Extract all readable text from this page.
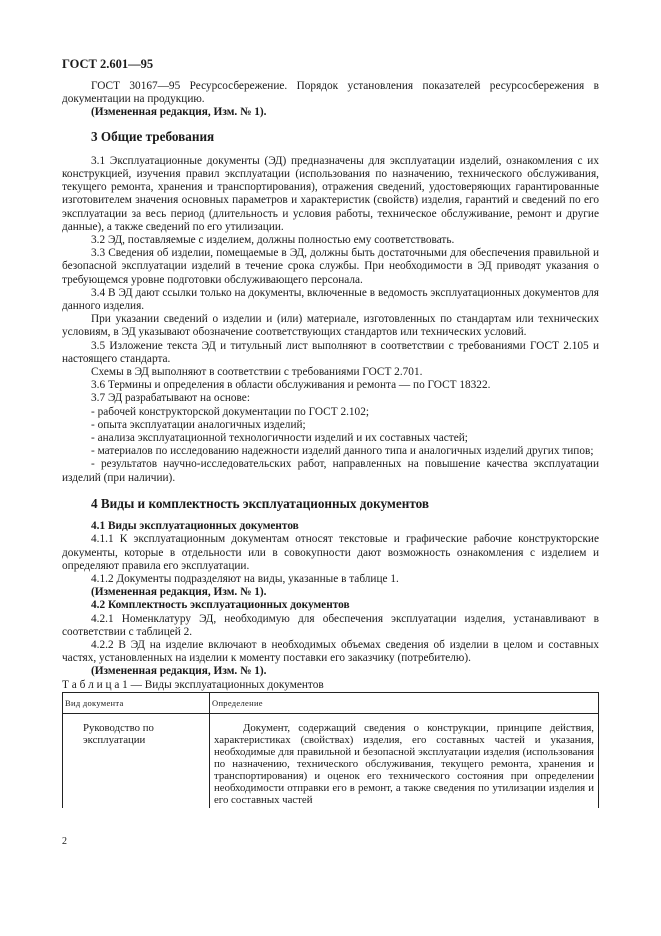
ГОСТ 2.601—95

ГОСТ 30167—95 Ресурсосбережение. Порядок установления показателей ресурсосбережения в документации на продукцию.

(Измененная редакция, Изм. № 1).

3 Общие требования

3.1 Эксплуатационные документы (ЭД) предназначены для эксплуатации изделий, ознакомления с их конструкцией, изучения правил эксплуатации (использования по назначению, технического обслуживания, текущего ремонта, хранения и транспортирования), отражения сведений, удостоверяющих гарантированные изготовителем значения основных параметров и характеристик (свойств) изделия, гарантий и сведений по его эксплуатации за весь период (длительность и условия работы, техническое обслуживание, ремонт и другие данные), а также сведений по его утилизации.

3.2 ЭД, поставляемые с изделием, должны полностью ему соответствовать.

3.3 Сведения об изделии, помещаемые в ЭД, должны быть достаточными для обеспечения правильной и безопасной эксплуатации изделий в течение срока службы. При необходимости в ЭД приводят указания о требующемся уровне подготовки обслуживающего персонала.

3.4 В ЭД дают ссылки только на документы, включенные в ведомость эксплуатационных документов для данного изделия.

При указании сведений о изделии и (или) материале, изготовленных по стандартам или технических условиям, в ЭД указывают обозначение соответствующих стандартов или технических условий.

3.5 Изложение текста ЭД и титульный лист выполняют в соответствии с требованиями ГОСТ 2.105 и настоящего стандарта.

Схемы в ЭД выполняют в соответствии с требованиями ГОСТ 2.701.

3.6 Термины и определения в области обслуживания и ремонта — по ГОСТ 18322.

3.7 ЭД разрабатывают на основе:

- рабочей конструкторской документации по ГОСТ 2.102;

- опыта эксплуатации аналогичных изделий;

- анализа эксплуатационной технологичности изделий и их составных частей;

- материалов по исследованию надежности изделий данного типа и аналогичных изделий других типов;

- результатов научно-исследовательских работ, направленных на повышение качества эксплуатации изделий (при наличии).

4 Виды и комплектность эксплуатационных документов

4.1 Виды эксплуатационных документов

4.1.1 К эксплуатационным документам относят текстовые и графические рабочие конструкторские документы, которые в отдельности или в совокупности дают возможность ознакомления с изделием и определяют правила его эксплуатации.

4.1.2 Документы подразделяют на виды, указанные в таблице 1.

(Измененная редакция, Изм. № 1).

4.2 Комплектность эксплуатационных документов

4.2.1 Номенклатуру ЭД, необходимую для обеспечения эксплуатации изделия, устанавливают в соответствии с таблицей 2.

4.2.2 В ЭД на изделие включают в необходимых объемах сведения об изделии в целом и составных частях, установленных на изделии к моменту поставки его заказчику (потребителю).

(Измененная редакция, Изм. № 1).

Т а б л и ц а 1 — Виды эксплуатационных документов

Вид документа	Определение

Руководство по эксплуатации	Документ, содержащий сведения о конструкции, принципе действия, характеристиках (свойствах) изделия, его составных частей и указания, необходимые для правильной и безопасной эксплуатации изделия (использования по назначению, технического обслуживания, текущего ремонта, хранения и транспортирования) и оценок его технического состояния при определении необходимости отправки его в ремонт, а также сведения по утилизации изделия и его составных частей
2
